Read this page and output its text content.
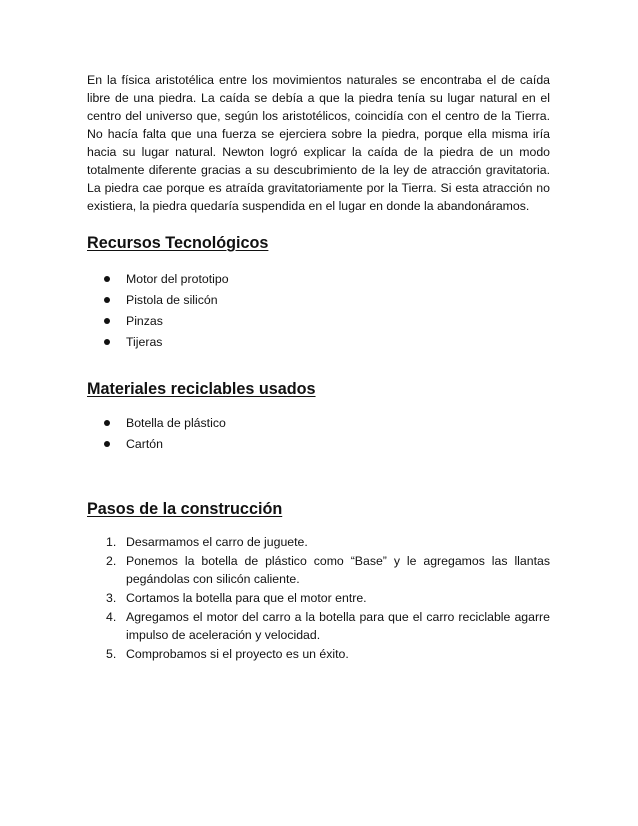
En la física aristotélica entre los movimientos naturales se encontraba el de caída libre de una piedra. La caída se debía a que la piedra tenía su lugar natural en el centro del universo que, según los aristotélicos, coincidía con el centro de la Tierra. No hacía falta que una fuerza se ejerciera sobre la piedra, porque ella misma iría hacia su lugar natural. Newton logró explicar la caída de la piedra de un modo totalmente diferente gracias a su descubrimiento de la ley de atracción gravitatoria. La piedra cae porque es atraída gravitatoriamente por la Tierra. Si esta atracción no existiera, la piedra quedaría suspendida en el lugar en donde la abandonáramos.

Recursos Tecnológicos
Motor del prototipo
Pistola de silicón
Pinzas
Tijeras
Materiales reciclables usados
Botella de plástico
Cartón
Pasos de la construcción
1. Desarmamos el carro de juguete.
2. Ponemos la botella de plástico como “Base” y le agregamos las llantas pegándolas con silicón caliente.
3. Cortamos la botella para que el motor entre.
4. Agregamos el motor del carro a la botella para que el carro reciclable agarre impulso de aceleración y velocidad.
5. Comprobamos si el proyecto es un éxito.
